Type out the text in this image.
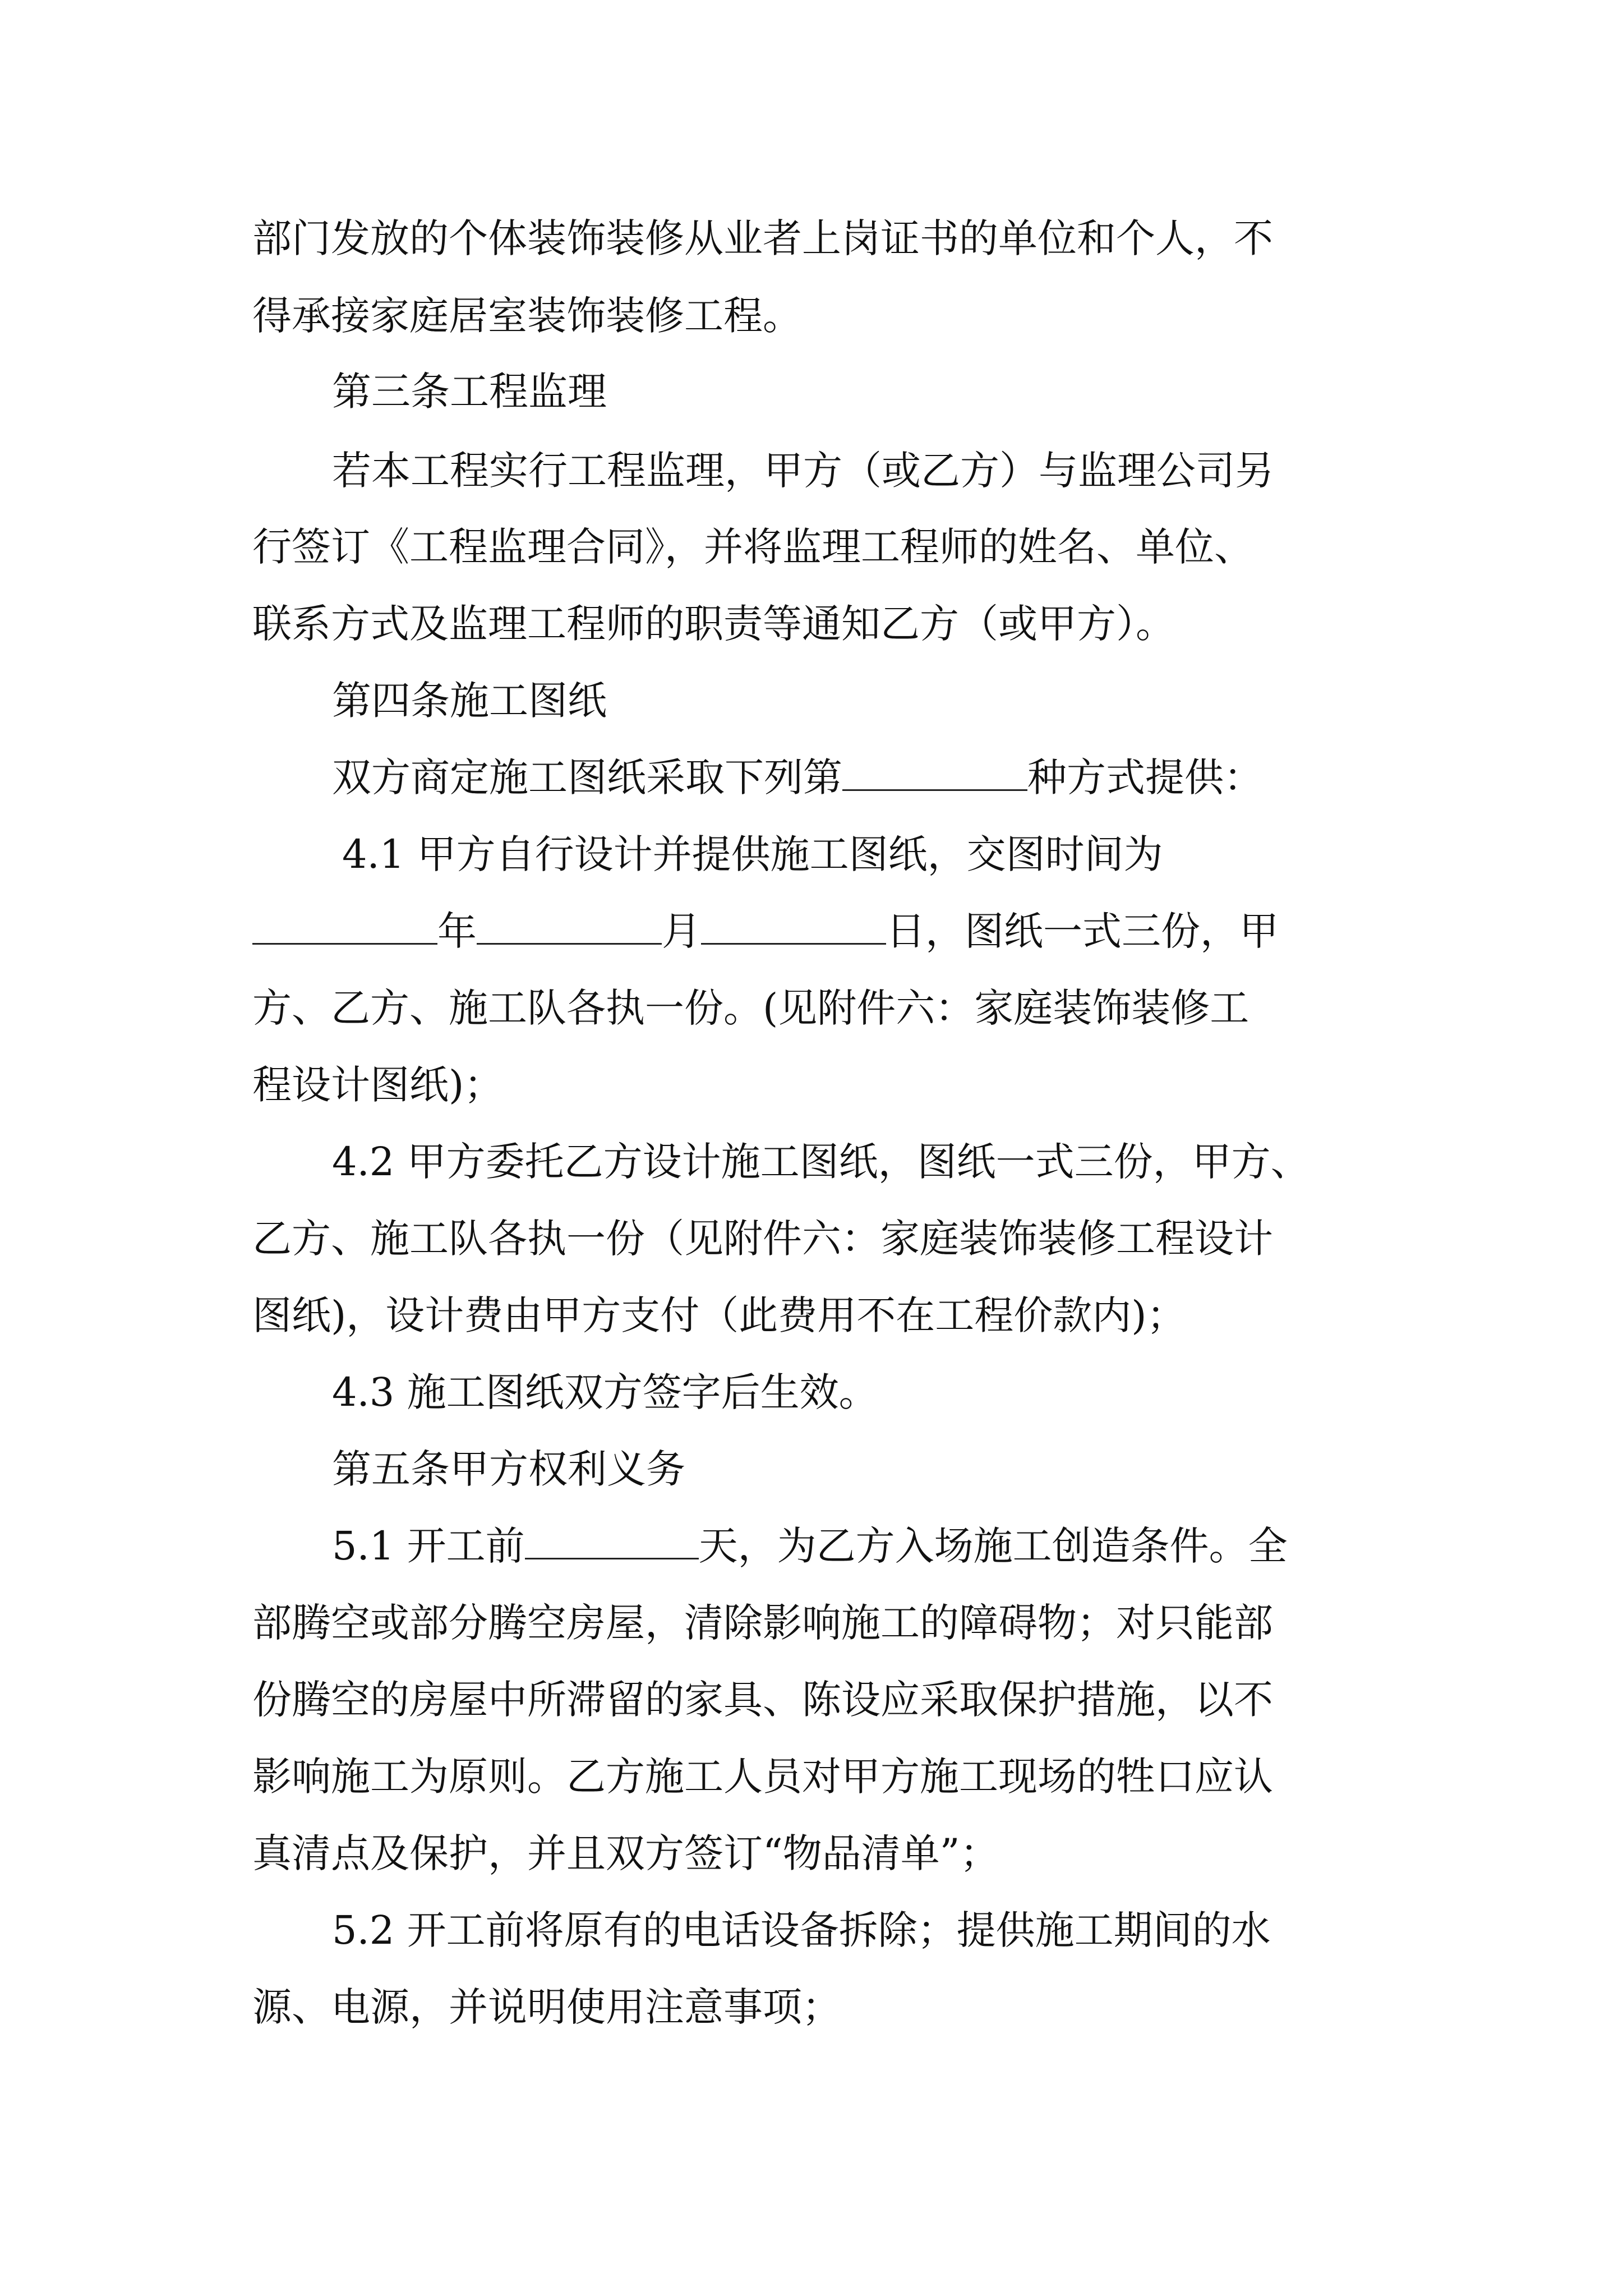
部门发放的个体装饰装修从业者上岗证书的单位和个人，不
得承接家庭居室装饰装修工程。
第三条工程监理
若本工程实行工程监理，甲方（或乙方）与监理公司另
行签订《工程监理合同》，并将监理工程师的姓名、单位、
联系方式及监理工程师的职责等通知乙方（或甲方）。
第四条施工图纸
双方商定施工图纸采取下列第	种方式提供：
4.1 甲方自行设计并提供施工图纸，交图时间为
年	月	日，图纸一式三份，甲
方、乙方、施工队各执一份。(见附件六：家庭装饰装修工
程设计图纸)；
4.2 甲方委托乙方设计施工图纸，图纸一式三份，甲方、
乙方、施工队各执一份（见附件六：家庭装饰装修工程设计
图纸)，设计费由甲方支付（此费用不在工程价款内)；
4.3 施工图纸双方签字后生效。
第五条甲方权利义务
5.1 开工前	天，为乙方入场施工创造条件。全
部腾空或部分腾空房屋，清除影响施工的障碍物；对只能部
份腾空的房屋中所滞留的家具、陈设应采取保护措施，以不
影响施工为原则。乙方施工人员对甲方施工现场的牲口应认
真清点及保护，并且双方签订“物品清单”；
5.2 开工前将原有的电话设备拆除；提供施工期间的水
源、电源，并说明使用注意事项；
